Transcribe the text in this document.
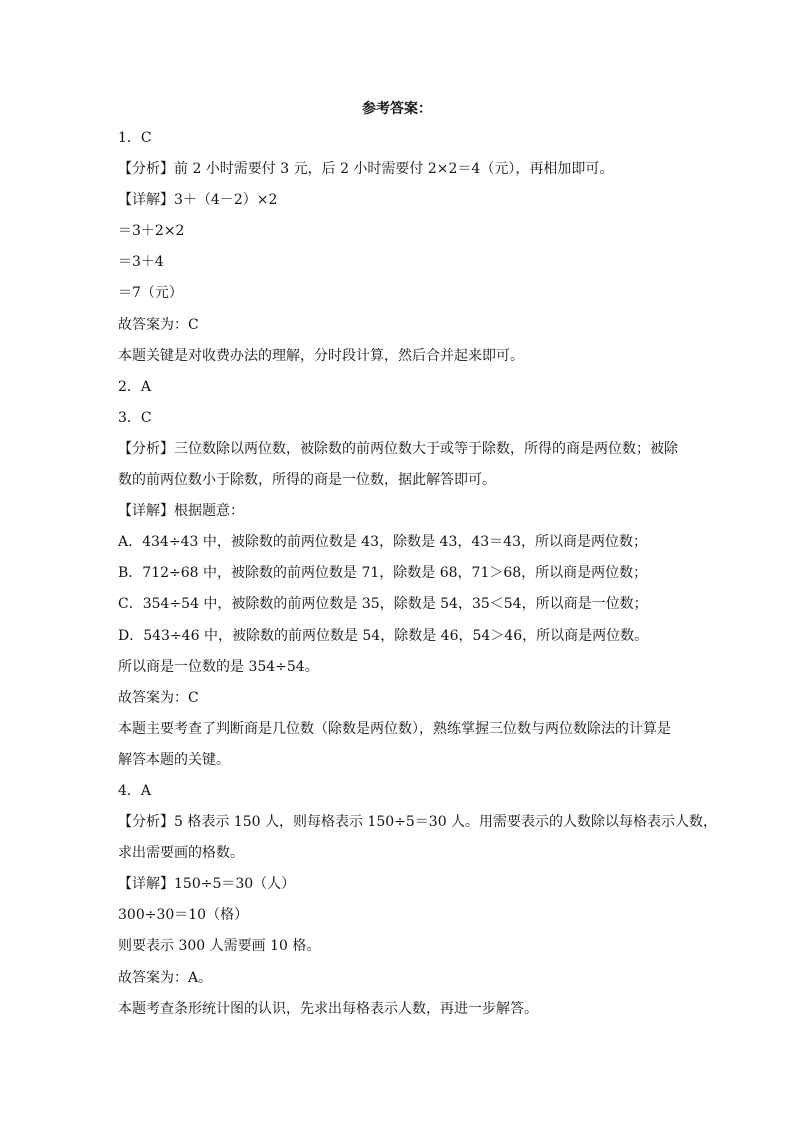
参考答案：
1．C
【分析】前 2 小时需要付 3 元，后 2 小时需要付 2×2＝4（元），再相加即可。
【详解】3＋（4－2）×2
＝3＋2×2
＝3＋4
＝7（元）
故答案为：C
本题关键是对收费办法的理解，分时段计算，然后合并起来即可。
2．A
3．C
【分析】三位数除以两位数，被除数的前两位数大于或等于除数，所得的商是两位数；被除
数的前两位数小于除数，所得的商是一位数，据此解答即可。
【详解】根据题意：
A．434÷43 中，被除数的前两位数是 43，除数是 43，43＝43，所以商是两位数；
B．712÷68 中，被除数的前两位数是 71，除数是 68，71＞68，所以商是两位数；
C．354÷54 中，被除数的前两位数是 35，除数是 54，35＜54，所以商是一位数；
D．543÷46 中，被除数的前两位数是 54，除数是 46，54＞46，所以商是两位数。
所以商是一位数的是 354÷54。
故答案为：C
本题主要考查了判断商是几位数（除数是两位数），熟练掌握三位数与两位数除法的计算是
解答本题的关键。
4．A
【分析】5 格表示 150 人，则每格表示 150÷5＝30 人。用需要表示的人数除以每格表示人数，
求出需要画的格数。
【详解】150÷5＝30（人）
300÷30＝10（格）
则要表示 300 人需要画 10 格。
故答案为：A。
本题考查条形统计图的认识，先求出每格表示人数，再进一步解答。
